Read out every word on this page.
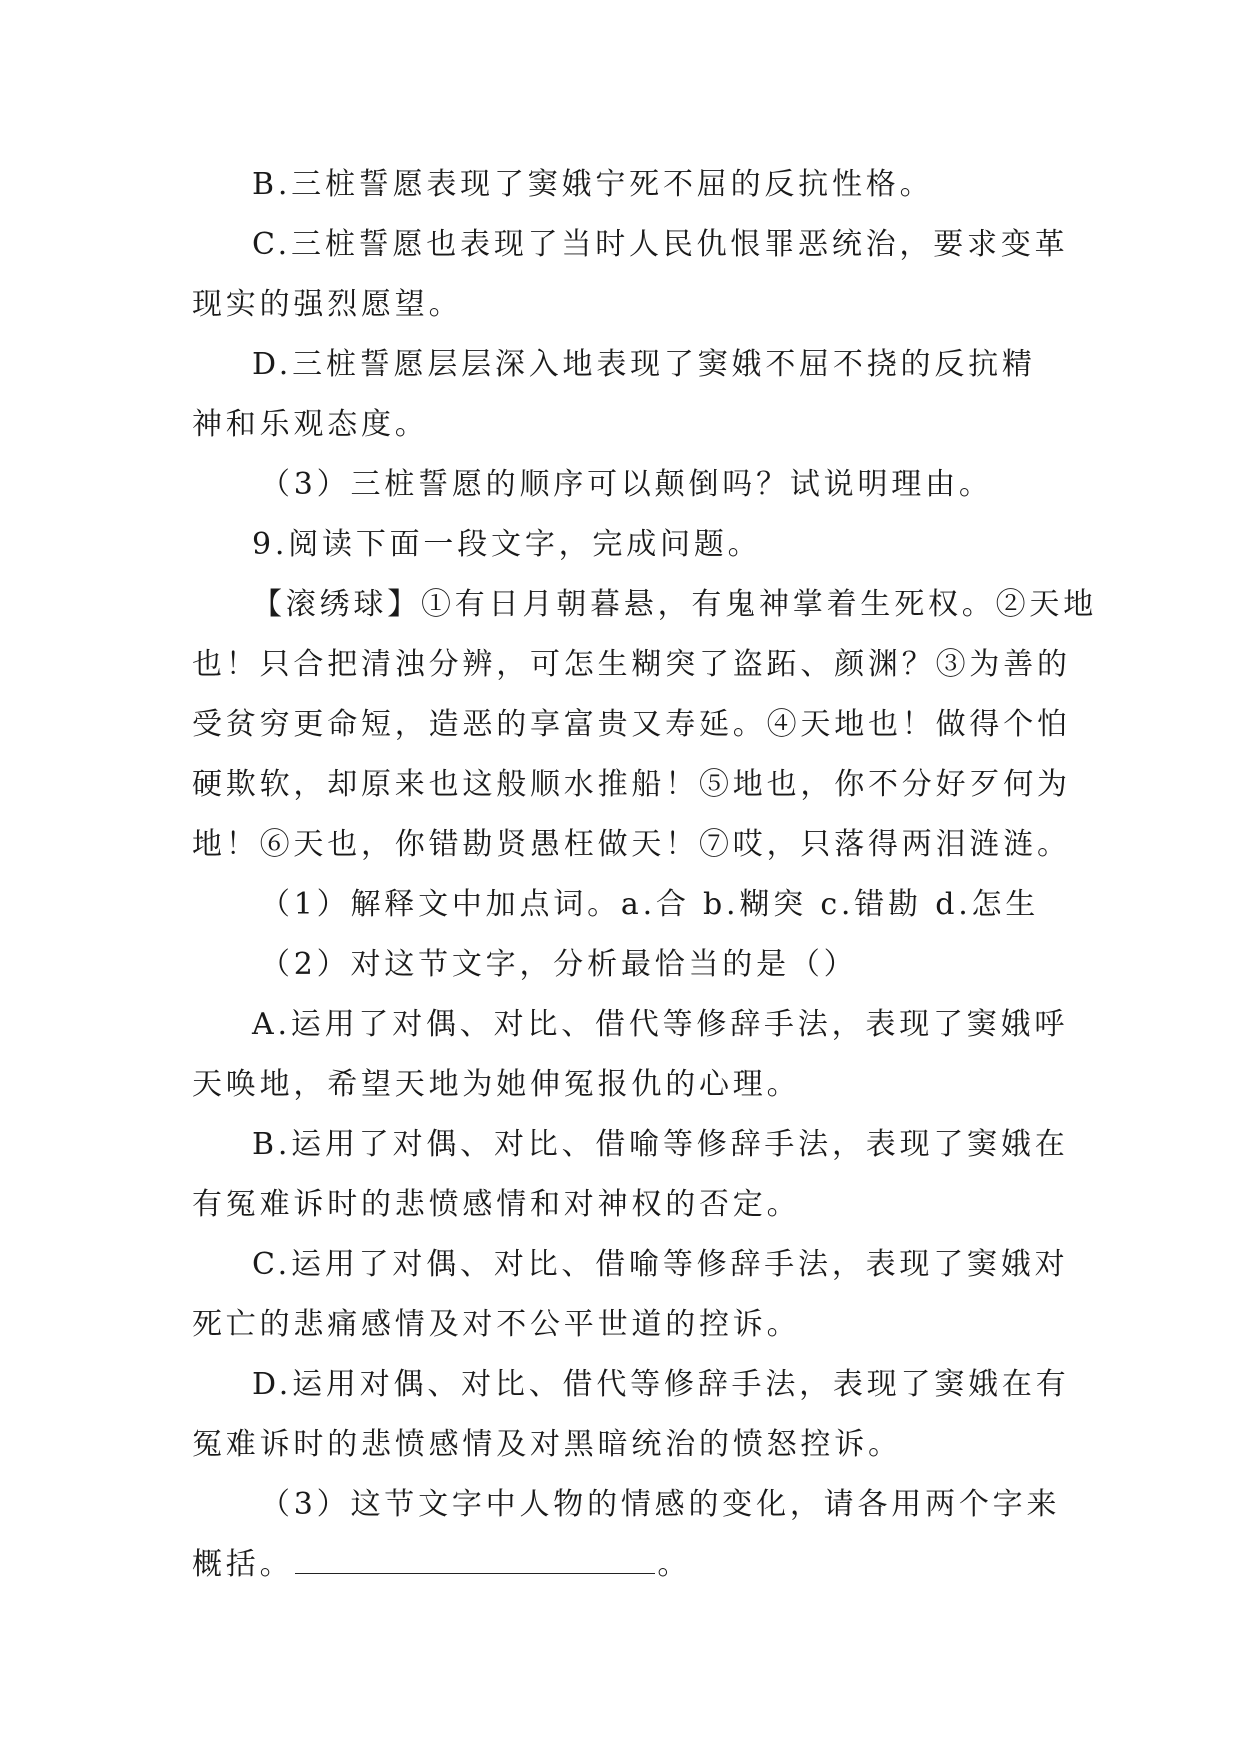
B.三桩誓愿表现了窦娥宁死不屈的反抗性格。
C.三桩誓愿也表现了当时人民仇恨罪恶统治，要求变革
现实的强烈愿望。
D.三桩誓愿层层深入地表现了窦娥不屈不挠的反抗精
神和乐观态度。
（3）三桩誓愿的顺序可以颠倒吗？试说明理由。
9.阅读下面一段文字，完成问题。
【滚绣球】①有日月朝暮悬，有鬼神掌着生死权。②天地
也！只合把清浊分辨，可怎生糊突了盗跖、颜渊？③为善的
受贫穷更命短，造恶的享富贵又寿延。④天地也！做得个怕
硬欺软，却原来也这般顺水推船！⑤地也，你不分好歹何为
地！⑥天也，你错勘贤愚枉做天！⑦哎，只落得两泪涟涟。
（1）解释文中加点词。a.合 b.糊突 c.错勘 d.怎生
（2）对这节文字，分析最恰当的是（）
A.运用了对偶、对比、借代等修辞手法，表现了窦娥呼
天唤地，希望天地为她伸冤报仇的心理。
B.运用了对偶、对比、借喻等修辞手法，表现了窦娥在
有冤难诉时的悲愤感情和对神权的否定。
C.运用了对偶、对比、借喻等修辞手法，表现了窦娥对
死亡的悲痛感情及对不公平世道的控诉。
D.运用对偶、对比、借代等修辞手法，表现了窦娥在有
冤难诉时的悲愤感情及对黑暗统治的愤怒控诉。
（3）这节文字中人物的情感的变化，请各用两个字来
概括。	。
